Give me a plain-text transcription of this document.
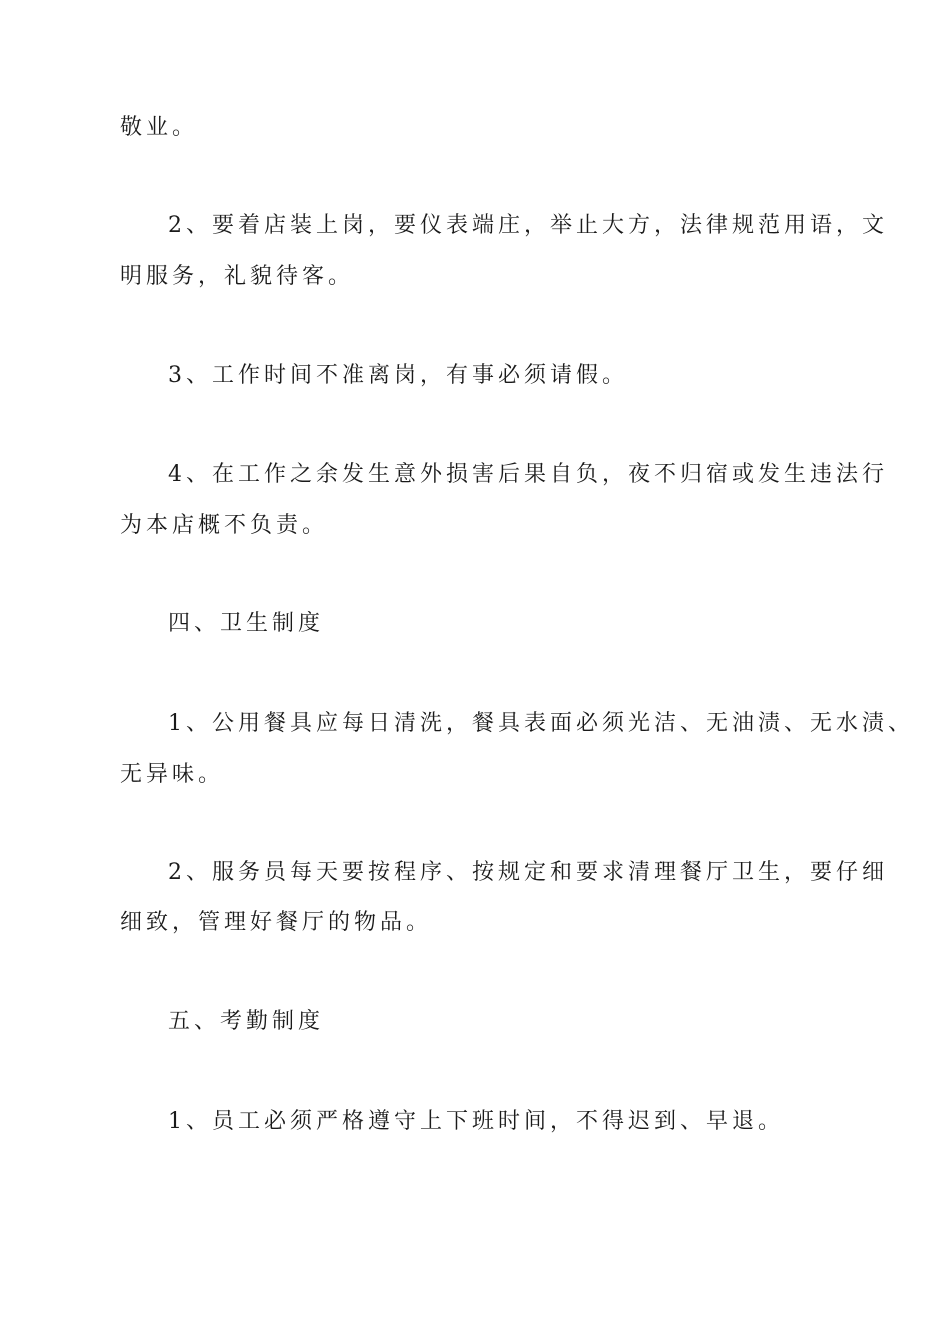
敬业。
2、要着店装上岗，要仪表端庄，举止大方，法律规范用语，文
明服务，礼貌待客。
3、工作时间不准离岗，有事必须请假。
4、在工作之余发生意外损害后果自负，夜不归宿或发生违法行
为本店概不负责。
四、卫生制度
1、公用餐具应每日清洗，餐具表面必须光洁、无油渍、无水渍、
无异味。
2、服务员每天要按程序、按规定和要求清理餐厅卫生，要仔细
细致，管理好餐厅的物品。
五、考勤制度
1、员工必须严格遵守上下班时间，不得迟到、早退。
